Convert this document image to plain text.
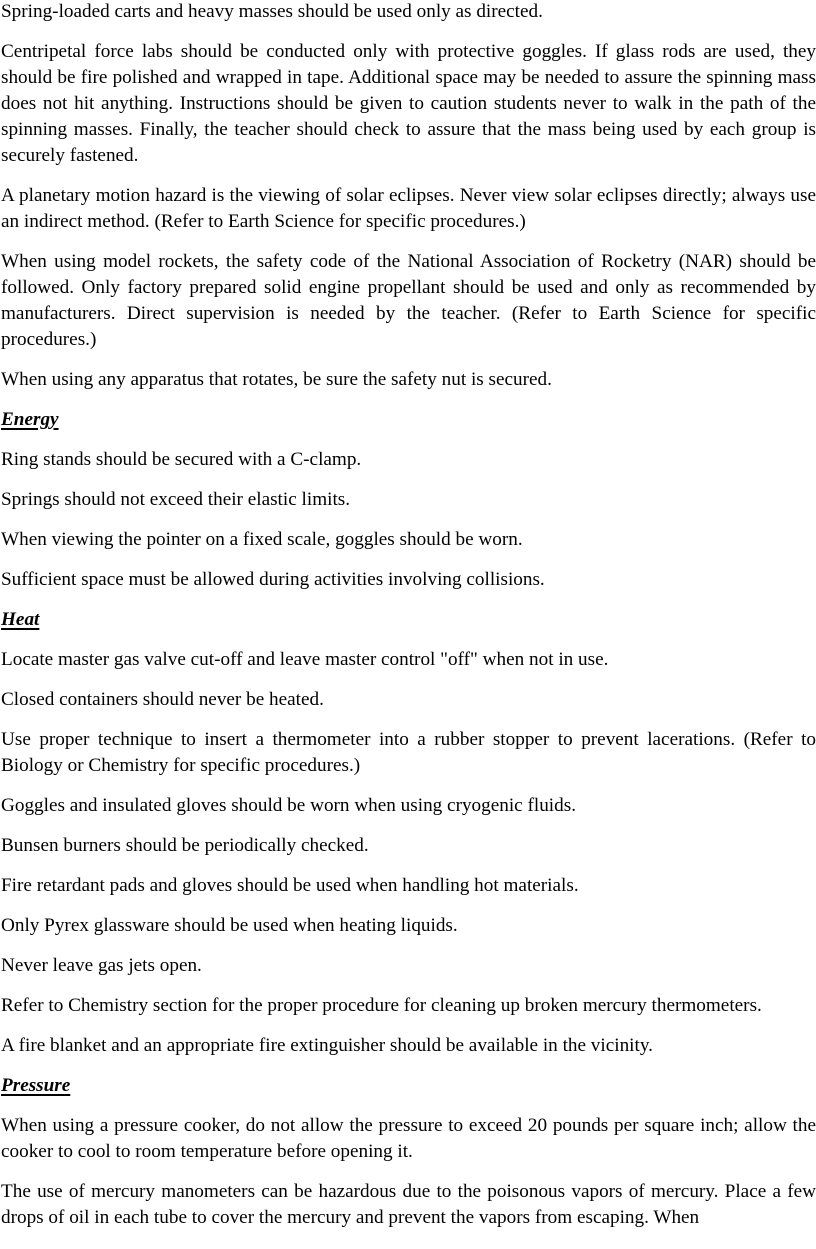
Spring-loaded carts and heavy masses should be used only as directed.

Centripetal force labs should be conducted only with protective goggles. If glass rods are used, they should be fire polished and wrapped in tape. Additional space may be needed to assure the spinning mass does not hit anything. Instructions should be given to caution students never to walk in the path of the spinning masses. Finally, the teacher should check to assure that the mass being used by each group is securely fastened.

A planetary motion hazard is the viewing of solar eclipses. Never view solar eclipses directly; always use an indirect method. (Refer to Earth Science for specific procedures.)

When using model rockets, the safety code of the National Association of Rocketry (NAR) should be followed. Only factory prepared solid engine propellant should be used and only as recommended by manufacturers. Direct supervision is needed by the teacher. (Refer to Earth Science for specific procedures.)

When using any apparatus that rotates, be sure the safety nut is secured.

Energy

Ring stands should be secured with a C-clamp.

Springs should not exceed their elastic limits.

When viewing the pointer on a fixed scale, goggles should be worn.

Sufficient space must be allowed during activities involving collisions.

Heat

Locate master gas valve cut-off and leave master control "off" when not in use.

Closed containers should never be heated.

Use proper technique to insert a thermometer into a rubber stopper to prevent lacerations. (Refer to Biology or Chemistry for specific procedures.)

Goggles and insulated gloves should be worn when using cryogenic fluids.

Bunsen burners should be periodically checked.

Fire retardant pads and gloves should be used when handling hot materials.

Only Pyrex glassware should be used when heating liquids.

Never leave gas jets open.

Refer to Chemistry section for the proper procedure for cleaning up broken mercury thermometers.

A fire blanket and an appropriate fire extinguisher should be available in the vicinity.

Pressure

When using a pressure cooker, do not allow the pressure to exceed 20 pounds per square inch; allow the cooker to cool to room temperature before opening it.

The use of mercury manometers can be hazardous due to the poisonous vapors of mercury. Place a few drops of oil in each tube to cover the mercury and prevent the vapors from escaping. When
